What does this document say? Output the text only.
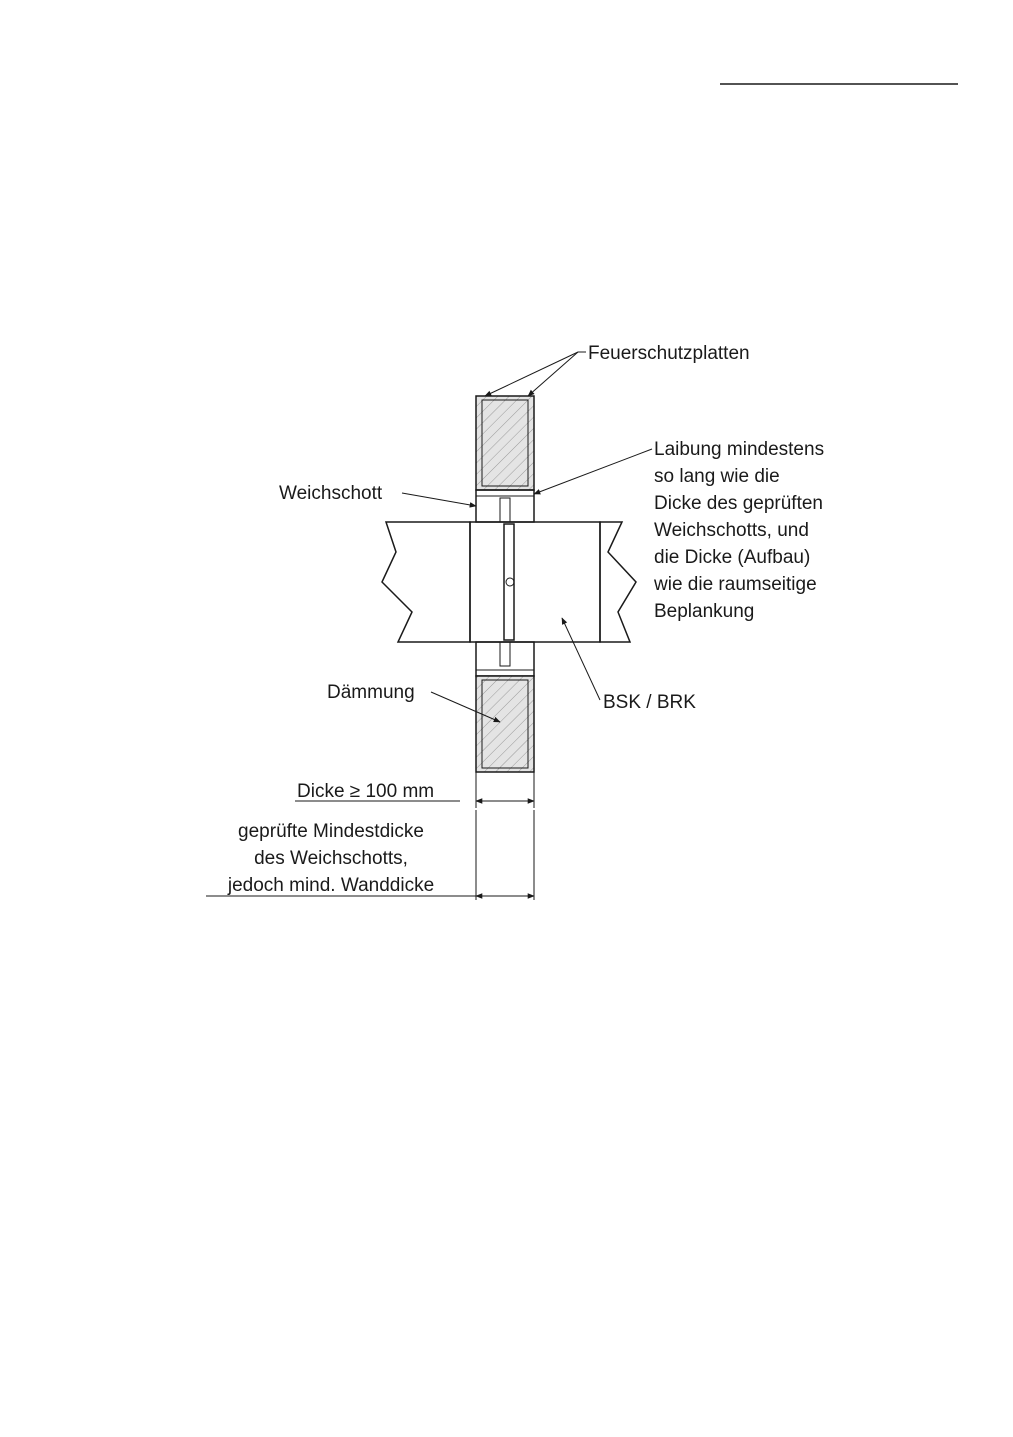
Feuerschutzplatten
Laibung mindestens
so lang wie die
Dicke des geprüften
Weichschotts, und
die Dicke (Aufbau)
wie die raumseitige
Beplankung
Weichschott
Dämmung	BSK / BRK
Dicke ≥ 100 mm
geprüfte Mindestdicke
des Weichschotts,
jedoch mind. Wanddicke
